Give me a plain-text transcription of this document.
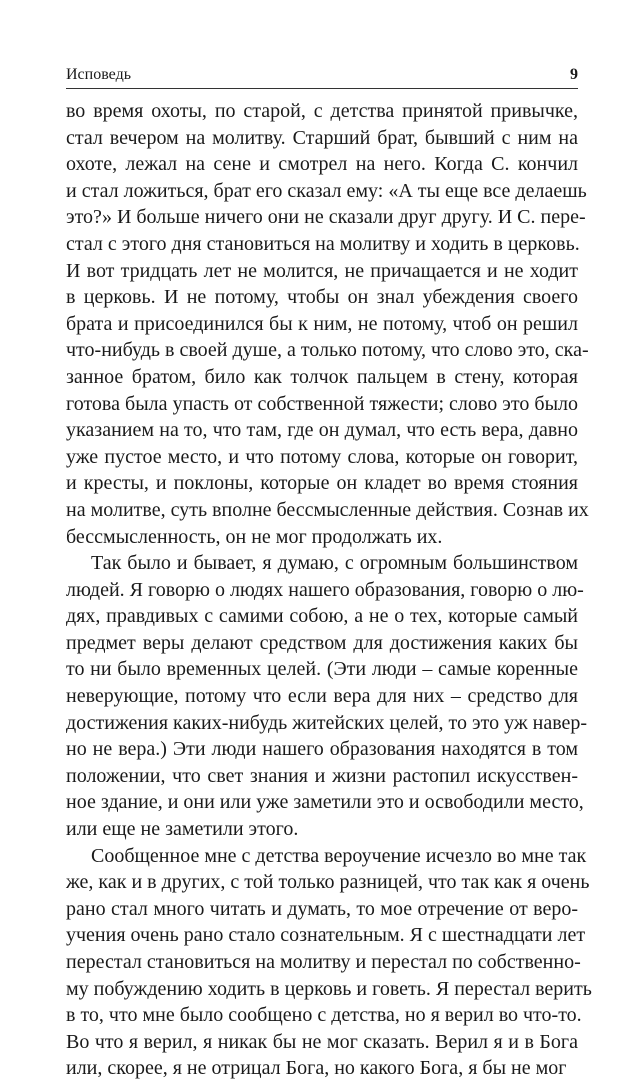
Исповедь	9
во время охоты, по старой, с детства принятой привычке,
стал вечером на молитву. Старший брат, бывший с ним на
охоте, лежал на сене и смотрел на него. Когда С. кончил
и стал ложиться, брат его сказал ему: «А ты еще все делаешь
это?» И больше ничего они не сказали друг другу. И С. пере-
стал с этого дня становиться на молитву и ходить в церковь.
И вот тридцать лет не молится, не причащается и не ходит
в церковь. И не потому, чтобы он знал убеждения своего
брата и присоединился бы к ним, не потому, чтоб он решил
что-нибудь в своей душе, а только потому, что слово это, ска-
занное братом, било как толчок пальцем в стену, которая
готова была упасть от собственной тяжести; слово это было
указанием на то, что там, где он думал, что есть вера, давно
уже пустое место, и что потому слова, которые он говорит,
и кресты, и поклоны, которые он кладет во время стояния
на молитве, суть вполне бессмысленные действия. Сознав их
бессмысленность, он не мог продолжать их.
Так было и бывает, я думаю, с огромным большинством
людей. Я говорю о людях нашего образования, говорю о лю-
дях, правдивых с самими собою, а не о тех, которые самый
предмет веры делают средством для достижения каких бы
то ни было временных целей. (Эти люди – самые коренные
неверующие, потому что если вера для них – средство для
достижения каких-нибудь житейских целей, то это уж навер-
но не вера.) Эти люди нашего образования находятся в том
положении, что свет знания и жизни растопил искусствен-
ное здание, и они или уже заметили это и освободили место,
или еще не заметили этого.
Сообщенное мне с детства вероучение исчезло во мне так
же, как и в других, с той только разницей, что так как я очень
рано стал много читать и думать, то мое отречение от веро-
учения очень рано стало сознательным. Я с шестнадцати лет
перестал становиться на молитву и перестал по собственно-
му побуждению ходить в церковь и говеть. Я перестал верить
в то, что мне было сообщено с детства, но я верил во что-то.
Во что я верил, я никак бы не мог сказать. Верил я и в Бога
или, скорее, я не отрицал Бога, но какого Бога, я бы не мог
